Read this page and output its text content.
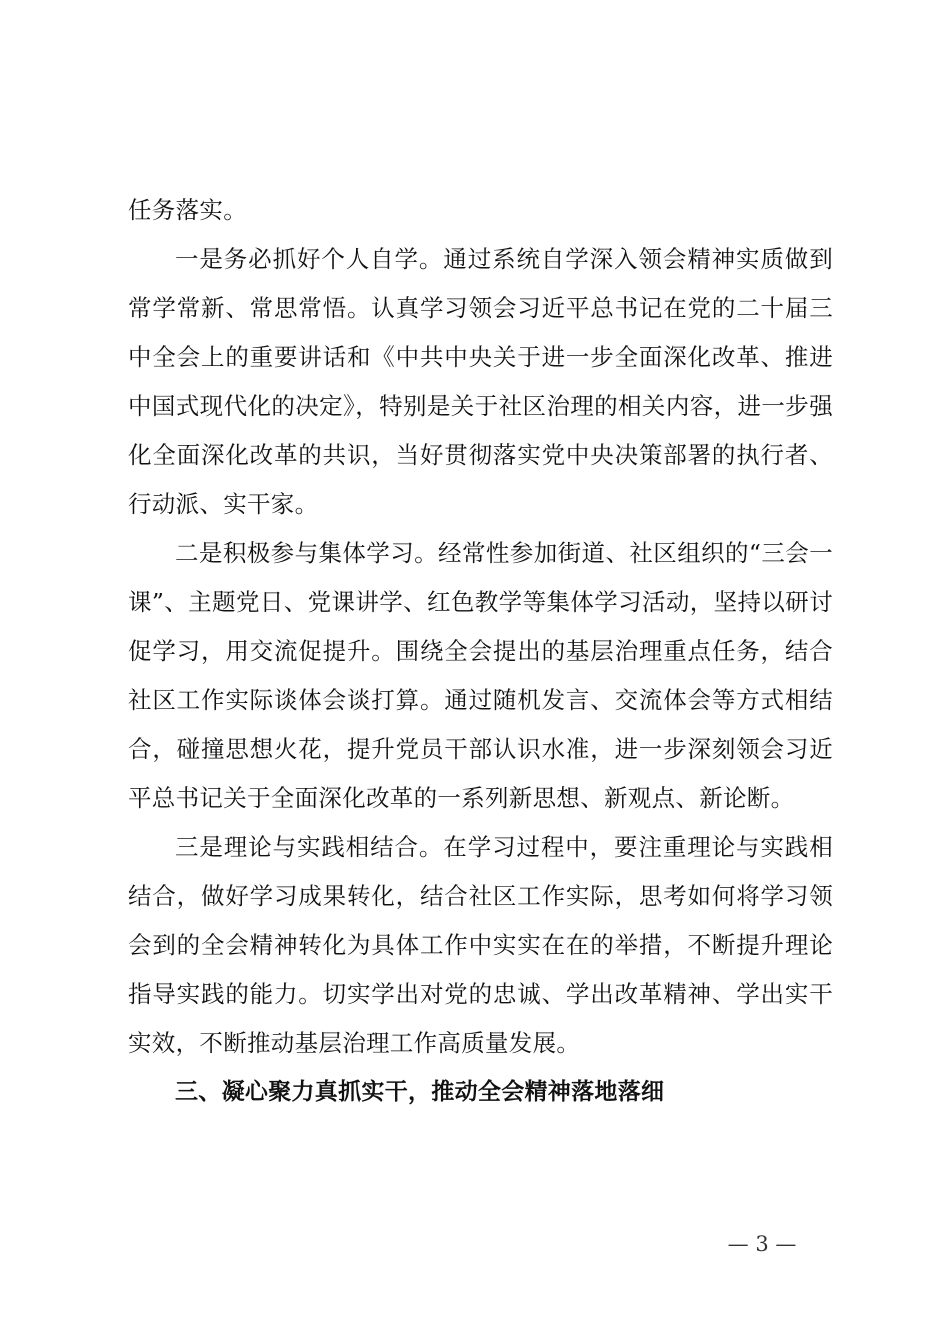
任务落实。

一是务必抓好个人自学。通过系统自学深入领会精神实质做到常学常新、常思常悟。认真学习领会习近平总书记在党的二十届三中全会上的重要讲话和《中共中央关于进一步全面深化改革、推进中国式现代化的决定》，特别是关于社区治理的相关内容，进一步强化全面深化改革的共识，当好贯彻落实党中央决策部署的执行者、行动派、实干家。

二是积极参与集体学习。经常性参加街道、社区组织的“三会一课”、主题党日、党课讲学、红色教学等集体学习活动，坚持以研讨促学习，用交流促提升。围绕全会提出的基层治理重点任务，结合社区工作实际谈体会谈打算。通过随机发言、交流体会等方式相结合，碰撞思想火花，提升党员干部认识水准，进一步深刻领会习近平总书记关于全面深化改革的一系列新思想、新观点、新论断。

三是理论与实践相结合。在学习过程中，要注重理论与实践相结合，做好学习成果转化，结合社区工作实际，思考如何将学习领会到的全会精神转化为具体工作中实实在在的举措，不断提升理论指导实践的能力。切实学出对党的忠诚、学出改革精神、学出实干实效，不断推动基层治理工作高质量发展。

三、凝心聚力真抓实干，推动全会精神落地落细

— 3 —
